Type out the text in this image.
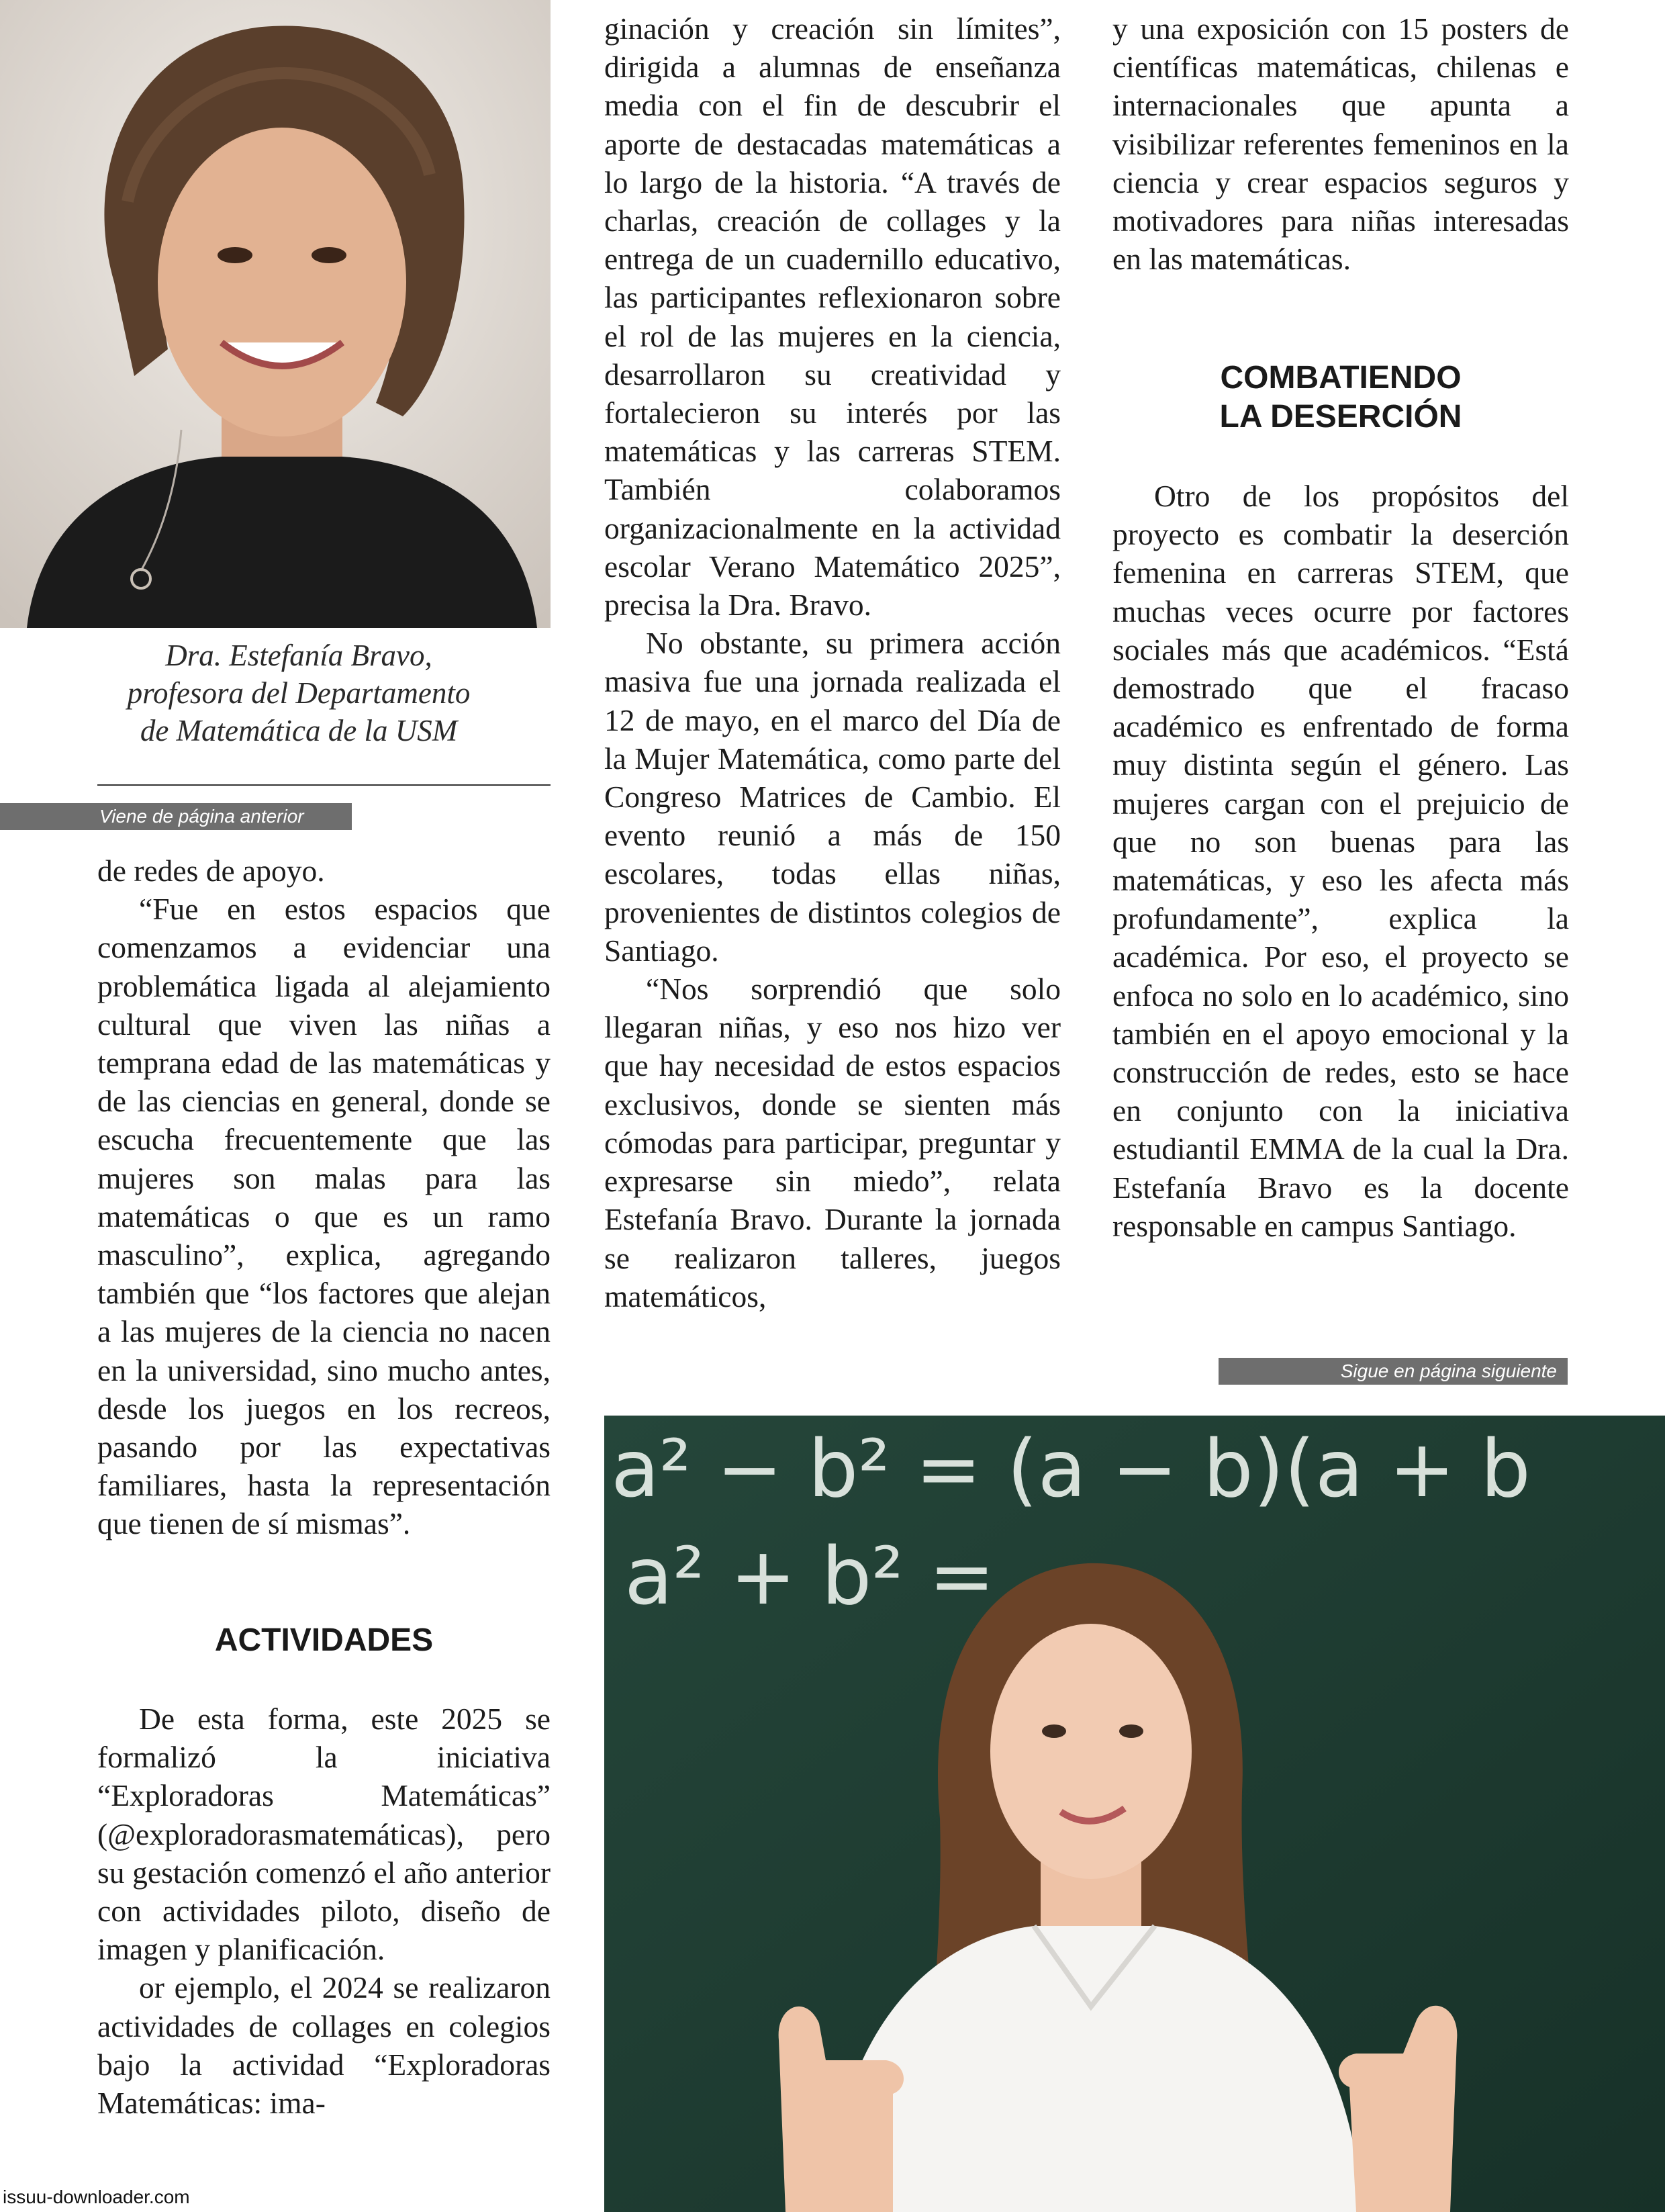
Dra. Estefanía Bravo,
profesora del Departamento
de Matemática de la USM
Viene de página anterior

de redes de apoyo.

“Fue en estos espacios que comenzamos a evidenciar una problemática ligada al alejamiento cultural que viven las niñas a temprana edad de las matemáticas y de las ciencias en general, donde se escucha frecuentemente que las mujeres son malas para las matemáticas o que es un ramo masculino”, explica, agregando también que “los factores que alejan a las mujeres de la ciencia no nacen en la universidad, sino mucho antes, desde los juegos en los recreos, pasando por las expectativas familiares, hasta la representación que tienen de sí mismas”.

ACTIVIDADES

De esta forma, este 2025 se formalizó la iniciativa “Exploradoras Matemáticas” (@exploradorasmatemáticas), pero su gestación comenzó el año anterior con actividades piloto, diseño de imagen y planificación.

or ejemplo, el 2024 se realizaron actividades de collages en colegios bajo la actividad “Exploradoras Matemáticas: ima-

ginación y creación sin límites”, dirigida a alumnas de enseñanza media con el fin de descubrir el aporte de destacadas matemáticas a lo largo de la historia. “A través de charlas, creación de collages y la entrega de un cuadernillo educativo, las participantes reflexionaron sobre el rol de las mujeres en la ciencia, desarrollaron su creatividad y fortalecieron su interés por las matemáticas y las carreras STEM. También colaboramos organizacionalmente en la actividad escolar Verano Matemático 2025”, precisa la Dra. Bravo.

No obstante, su primera acción masiva fue una jornada realizada el 12 de mayo, en el marco del Día de la Mujer Matemática, como parte del Congreso Matrices de Cambio. El evento reunió a más de 150 escolares, todas ellas niñas, provenientes de distintos colegios de Santiago.

“Nos sorprendió que solo llegaran niñas, y eso nos hizo ver que hay necesidad de estos espacios exclusivos, donde se sienten más cómodas para participar, preguntar y expresarse sin miedo”, relata Estefanía Bravo. Durante la jornada se realizaron talleres, juegos matemáticos,

y una exposición con 15 posters de científicas matemáticas, chilenas e internacionales que apunta a visibilizar referentes femeninos en la ciencia y crear espacios seguros y motivadores para niñas interesadas en las matemáticas.

COMBATIENDO
LA DESERCIÓN

Otro de los propósitos del proyecto es combatir la deserción femenina en carreras STEM, que muchas veces ocurre por factores sociales más que académicos. “Está demostrado que el fracaso académico es enfrentado de forma muy distinta según el género. Las mujeres cargan con el prejuicio de que no son buenas para las matemáticas, y eso les afecta más profundamente”, explica la académica. Por eso, el proyecto se enfoca no solo en lo académico, sino también en el apoyo emocional y la construcción de redes, esto se hace en conjunto con la iniciativa estudiantil EMMA de la cual la Dra. Estefanía Bravo es la docente responsable en campus Santiago.

Sigue en página siguiente
a² − b² = (a − b)(a + b
a² + b² =
issuu-downloader.com
